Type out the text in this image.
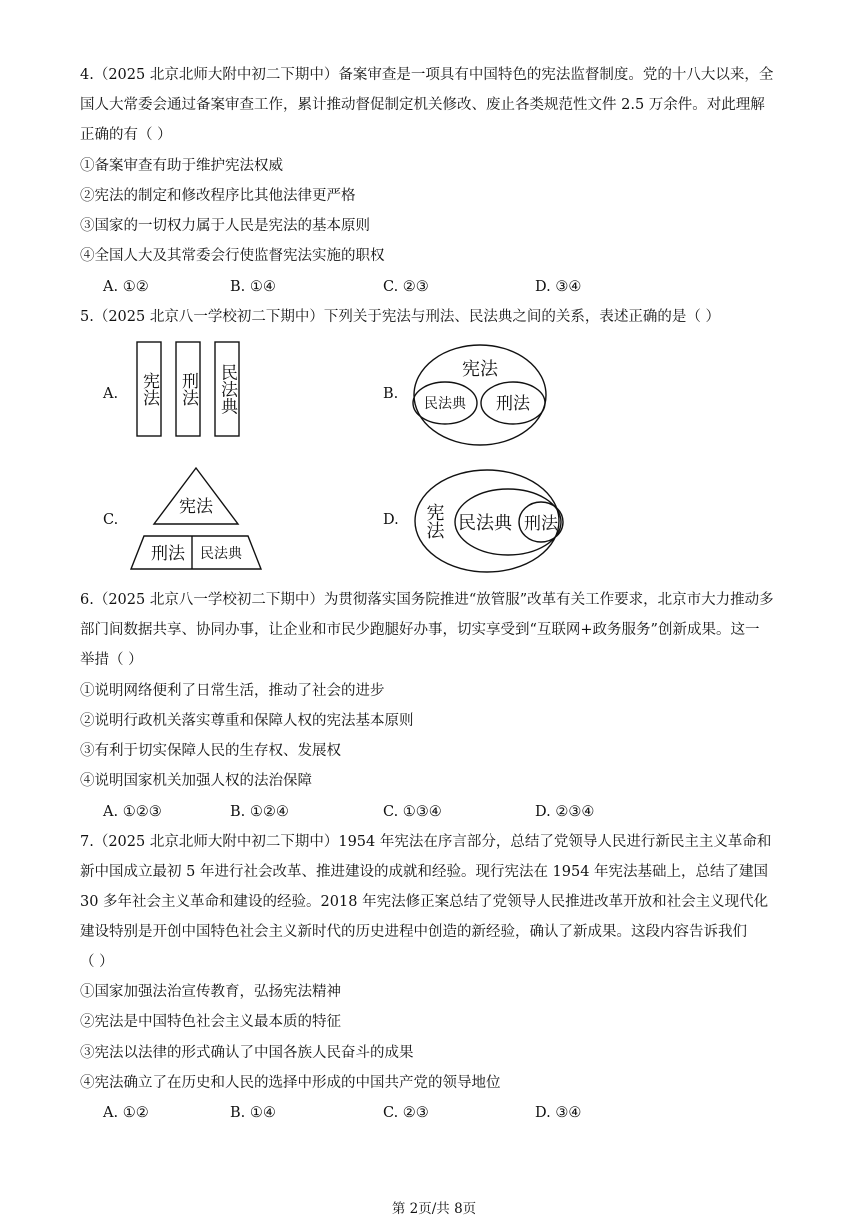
4.（2025 北京北师大附中初二下期中）备案审查是一项具有中国特色的宪法监督制度。党的十八大以来，全
国人大常委会通过备案审查工作，累计推动督促制定机关修改、废止各类规范性文件 2.5 万余件。对此理解
正确的有（ ）
①备案审查有助于维护宪法权威
②宪法的制定和修改程序比其他法律更严格
③国家的一切权力属于人民是宪法的基本原则
④全国人大及其常委会行使监督宪法实施的职权
A. ①②	B. ①④	C. ②③	D. ③④
5.（2025 北京八一学校初二下期中）下列关于宪法与刑法、民法典之间的关系，表述正确的是（ ）
A. 宪法 刑法 民法典	B.
宪法
民法典 刑法
C.
宪法
刑法 民法典
D. 宪法 民法典 刑法
6.（2025 北京八一学校初二下期中）为贯彻落实国务院推进“放管服”改革有关工作要求，北京市大力推动多
部门间数据共享、协同办事，让企业和市民少跑腿好办事，切实享受到“互联网+政务服务”创新成果。这一
举措（ ）
①说明网络便利了日常生活，推动了社会的进步
②说明行政机关落实尊重和保障人权的宪法基本原则
③有利于切实保障人民的生存权、发展权
④说明国家机关加强人权的法治保障
A. ①②③	B. ①②④	C. ①③④	D. ②③④
7.（2025 北京北师大附中初二下期中）1954 年宪法在序言部分，总结了党领导人民进行新民主主义革命和
新中国成立最初 5 年进行社会改革、推进建设的成就和经验。现行宪法在 1954 年宪法基础上，总结了建国
30 多年社会主义革命和建设的经验。2018 年宪法修正案总结了党领导人民推进改革开放和社会主义现代化
建设特别是开创中国特色社会主义新时代的历史进程中创造的新经验，确认了新成果。这段内容告诉我们
（ ）
①国家加强法治宣传教育，弘扬宪法精神
②宪法是中国特色社会主义最本质的特征
③宪法以法律的形式确认了中国各族人民奋斗的成果
④宪法确立了在历史和人民的选择中形成的中国共产党的领导地位
A. ①②	B. ①④	C. ②③	D. ③④
第 2页/共 8页
